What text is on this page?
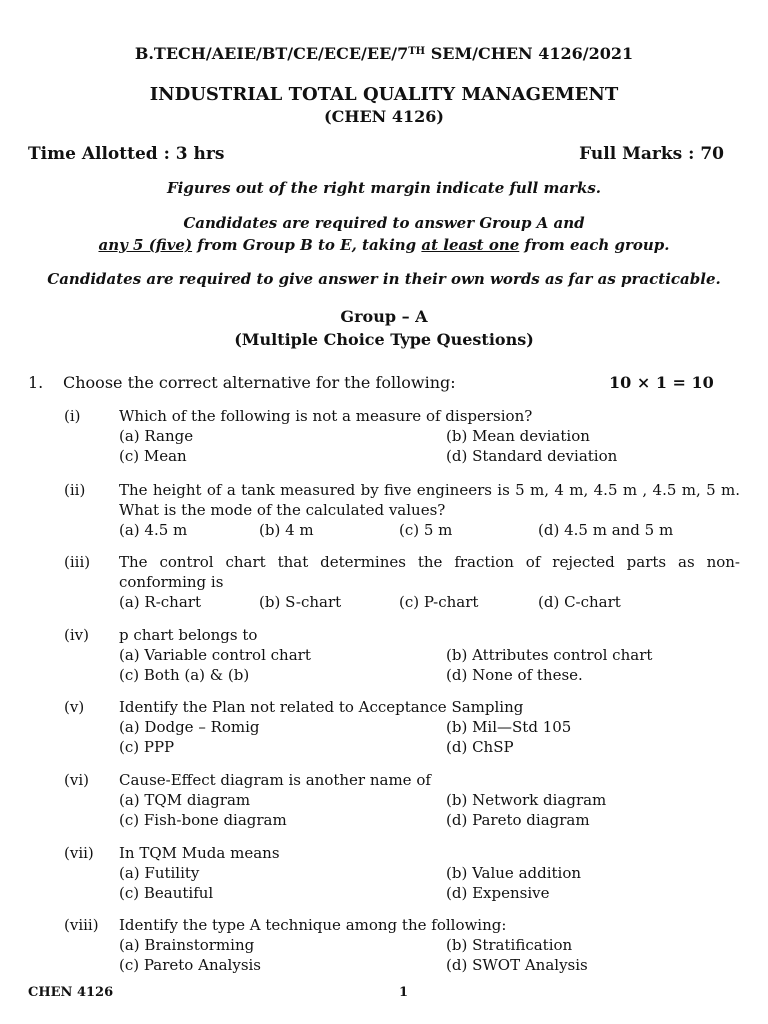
B.TECH/AEIE/BT/CE/ECE/EE/7TH SEM/CHEN 4126/2021
INDUSTRIAL TOTAL QUALITY MANAGEMENT
(CHEN 4126)
Time Allotted : 3 hrs	Full Marks : 70
Figures out of the right margin indicate full marks.
Candidates are required to answer Group A and
any 5 (five) from Group B to E, taking at least one from each group.
Candidates are required to give answer in their own words as far as practicable.
Group – A
(Multiple Choice Type Questions)
1. Choose the correct alternative for the following:	10 × 1 = 10
(i)	Which of the following is not a measure of dispersion?
(a) Range	(b) Mean deviation
(c) Mean	(d) Standard deviation
(ii) The height of a tank measured by five engineers is 5 m, 4 m, 4.5 m , 4.5 m, 5 m.
What is the mode of the calculated values?
(a) 4.5 m	(b) 4 m	(c) 5 m	(d) 4.5 m and 5 m
(iii) The control chart that determines the fraction of rejected parts as non-
conforming is
(a) R-chart	(b) S-chart	(c) P-chart	(d) C-chart
(iv) p chart belongs to
(a) Variable control chart	(b) Attributes control chart
(c) Both (a) & (b)	(d) None of these.
(v) Identify the Plan not related to Acceptance Sampling
(a) Dodge – Romig	(b) Mil—Std 105
(c) PPP	(d) ChSP
(vi) Cause-Effect diagram is another name of
(a) TQM diagram	(b) Network diagram
(c) Fish-bone diagram	(d) Pareto diagram
(vii) In TQM Muda means
(a) Futility	(b) Value addition
(c) Beautiful	(d) Expensive
(viii) Identify the type A technique among the following:
(a) Brainstorming	(b) Stratification
(c) Pareto Analysis	(d) SWOT Analysis
CHEN 4126	1
